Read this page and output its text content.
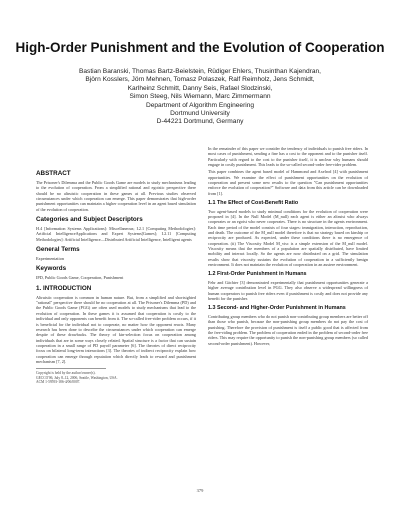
High-Order Punishment and the Evolution of Cooperation
Bastian Baranski, Thomas Bartz-Beielstein, Rüdiger Ehlers, Thusinthan Kajendran,
Björn Kosslers, Jörn Mehnen, Tomasz Polaszek, Ralf Reimholz, Jens Schmidt,
Karlheinz Schmitt, Danny Seis, Rafael Slodzinski,
Simon Steeg, Nils Wiemann, Marc Zimmermann
Department of Algorithm Engineering
Dortmund University
D-44221 Dortmund, Germany
ABSTRACT

The Prisoner's Dilemma and the Public Goods Game are models to study mechanisms leading to the evolution of cooperation. From a simplified rational and egoistic perspective there should be no altruistic cooperation in these games at all. Previous studies observed circumstances under which cooperation can emerge. This paper demonstrates that high-order punishment opportunities can maintain a higher cooperation level in an agent based simulation of the evolution of cooperation.

Categories and Subject Descriptors

H.4 [Information Systems Applications]: Miscellaneous; I.2.1 [Computing Methodologies]: Artificial IntelligenceApplications and Expert Systems[Games]; I.2.11 [Computing Methodologies]: Artificial Intelligence—Distributed Artificial Intelligence, Intelligent agents

General Terms

Experimentation

Keywords

IPD, Public Goods Game, Cooperation, Punishment

1. INTRODUCTION

Altruistic cooperation is common in human nature. But, from a simplified and shortsighted "rational" perspective there should be no cooperation at all. The Prisoner's Dilemma (PD) and the Public Goods Game (PGG) are often used models to study mechanisms that lead to the evolution of cooperation. In these games it is assumed that cooperation is costly to the individual and only opponents can benefit from it. The so-called free-rider problem occurs, if it is beneficial for the individual not to cooperate, no matter how the opponent reacts. Many research has been done to describe the circumstances under which cooperation can emerge despite of these drawbacks. The theory of kin-selection focus on cooperation among individuals that are in some ways closely related. Spatial structure is a factor that can sustain cooperation in a small range of PD payoff parameter [6]. The theories of direct reciprocity focus on bilateral long-term interactions [3]. The theories of indirect reciprocity explain how cooperation can emerge through reputation which directly leads to reward and punishment mechanism [7, 2].

Copyright is held by the author/owner(s).
GECCO'06, July 8–12, 2006, Seattle, Washington, USA.
ACM 1-59593-186-4/06/0007.

In the remainder of this paper we consider the tendency of individuals to punish free riders. In most cases of punishment, sending a fine has a cost to the opponent and to the punisher itself. Particularly with regard to the cost to the punisher itself, it is unclear why humans should engage in costly punishment. This leads to the so-called second-order free-rider problem.

This paper combines the agent based model of Hammond and Axelrod [4] with punishment opportunities. We examine the effect of punishment opportunities on the evolution of cooperation and present some new results to the question "Can punishment opportunities enforce the evolution of cooperation?" Software and data from this article can be downloaded from [1].

1.1 The Effect of Cost-Benefit Ratio

Two agent-based models to study minimal conditions for the evolution of cooperation were proposed in [4]. In the Null Model (M_null) each agent is either an altruist who always cooperates or an egoist who never cooperates. There is no structure in the agents environment. Each time period of the model consists of four stages: immigration, interaction, reproduction, and death. The outcome of the M_null model therefore is that no strategy based on kinship or reciprocity are produced. As expected, under these conditions there is no emergence of cooperation. (ii) The Viscosity Model M_visc is a simple extension of the M_null model. Viscosity means that the members of a population are spatially distributed, have limited mobility and interact locally. So the agents are now distributed on a grid. The simulation results show that viscosity sustains the evolution of cooperation in a sufficiently benign environment. It does not maintain the evolution of cooperation in an austere environment.

1.2 First-Order Punishment in Humans

Fehr and Gächter [3] demonstrated experimentally that punishment opportunities generate a higher average contribution level in PGG. They also observe a widespread willingness of human cooperators to punish free riders even if punishment is costly and does not provide any benefit for the punisher.

1.3 Second- and Higher-Order Punishment in Humans

Contributing group members who do not punish non-contributing group members are better off than those who punish, because the non-punishing group members do not pay the cost of punishing. Therefore the provision of punishment is itself a public good that is affected from the free-riding problem. The problem of cooperation ended in the problem of second-order free riders. This may require the opportunity to punish the non-punishing group members (so called second-order punishment). However,

379
